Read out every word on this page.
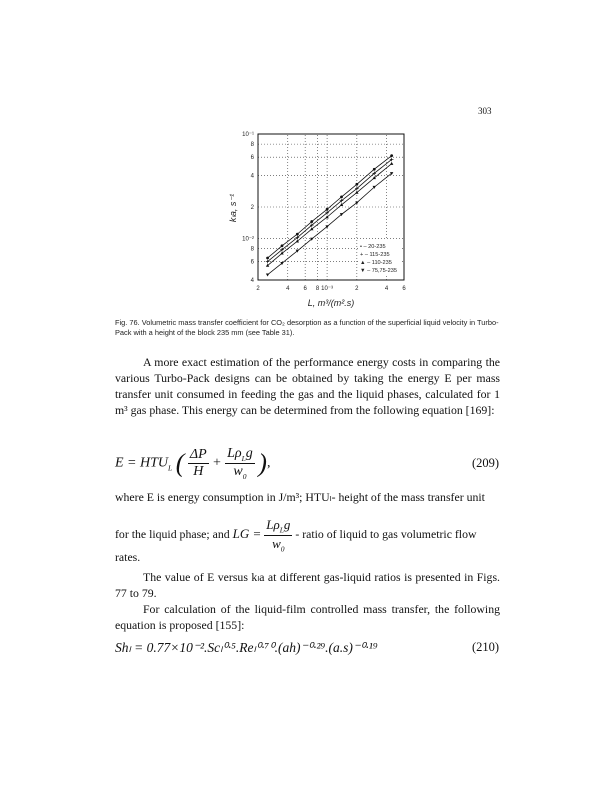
303
10⁻¹
8
6
4
2
10⁻²
8
6
4
2	4 6 8 10⁻³	2	4 6
kₗa, s⁻¹
L, m³/(m².s)
• – 20-235
+ – 115-235
▲ – 110-235
▼ – 75,75-235
Fig. 76. Volumetric mass transfer coefficient for CO₂ desorption as a function of the superficial liquid velocity in Turbo-Pack with a height of the block 235 mm (see Table 31).
A more exact estimation of the performance energy costs in comparing the various Turbo-Pack designs can be obtained by taking the energy E per mass transfer unit consumed in feeding the gas and the liquid phases, calculated for 1 m³ gas phase. This energy can be determined from the following equation [169]:
$E = HTU_L$ ( $\frac{\Delta P}{H} + \frac{L\rho_Lg}{w_0}$ ),	(209)
where E is energy consumption in J/m³; HTUₗ- height of the mass transfer unit
for the liquid phase; and LG = $\frac{L\rho_Lg}{w_0}$ - ratio of liquid to gas volumetric flow
rates.
The value of E versus kₗa at different gas-liquid ratios is presented in Figs. 77 to 79.
For calculation of the liquid-film controlled mass transfer, the following equation is proposed [155]:
Shₗ = 0.77×10⁻².Scₗ⁰·⁵.Reₗ⁰·⁷⁰.(ah)⁻⁰·²⁹.(a.s)⁻⁰·¹⁹	(210)
